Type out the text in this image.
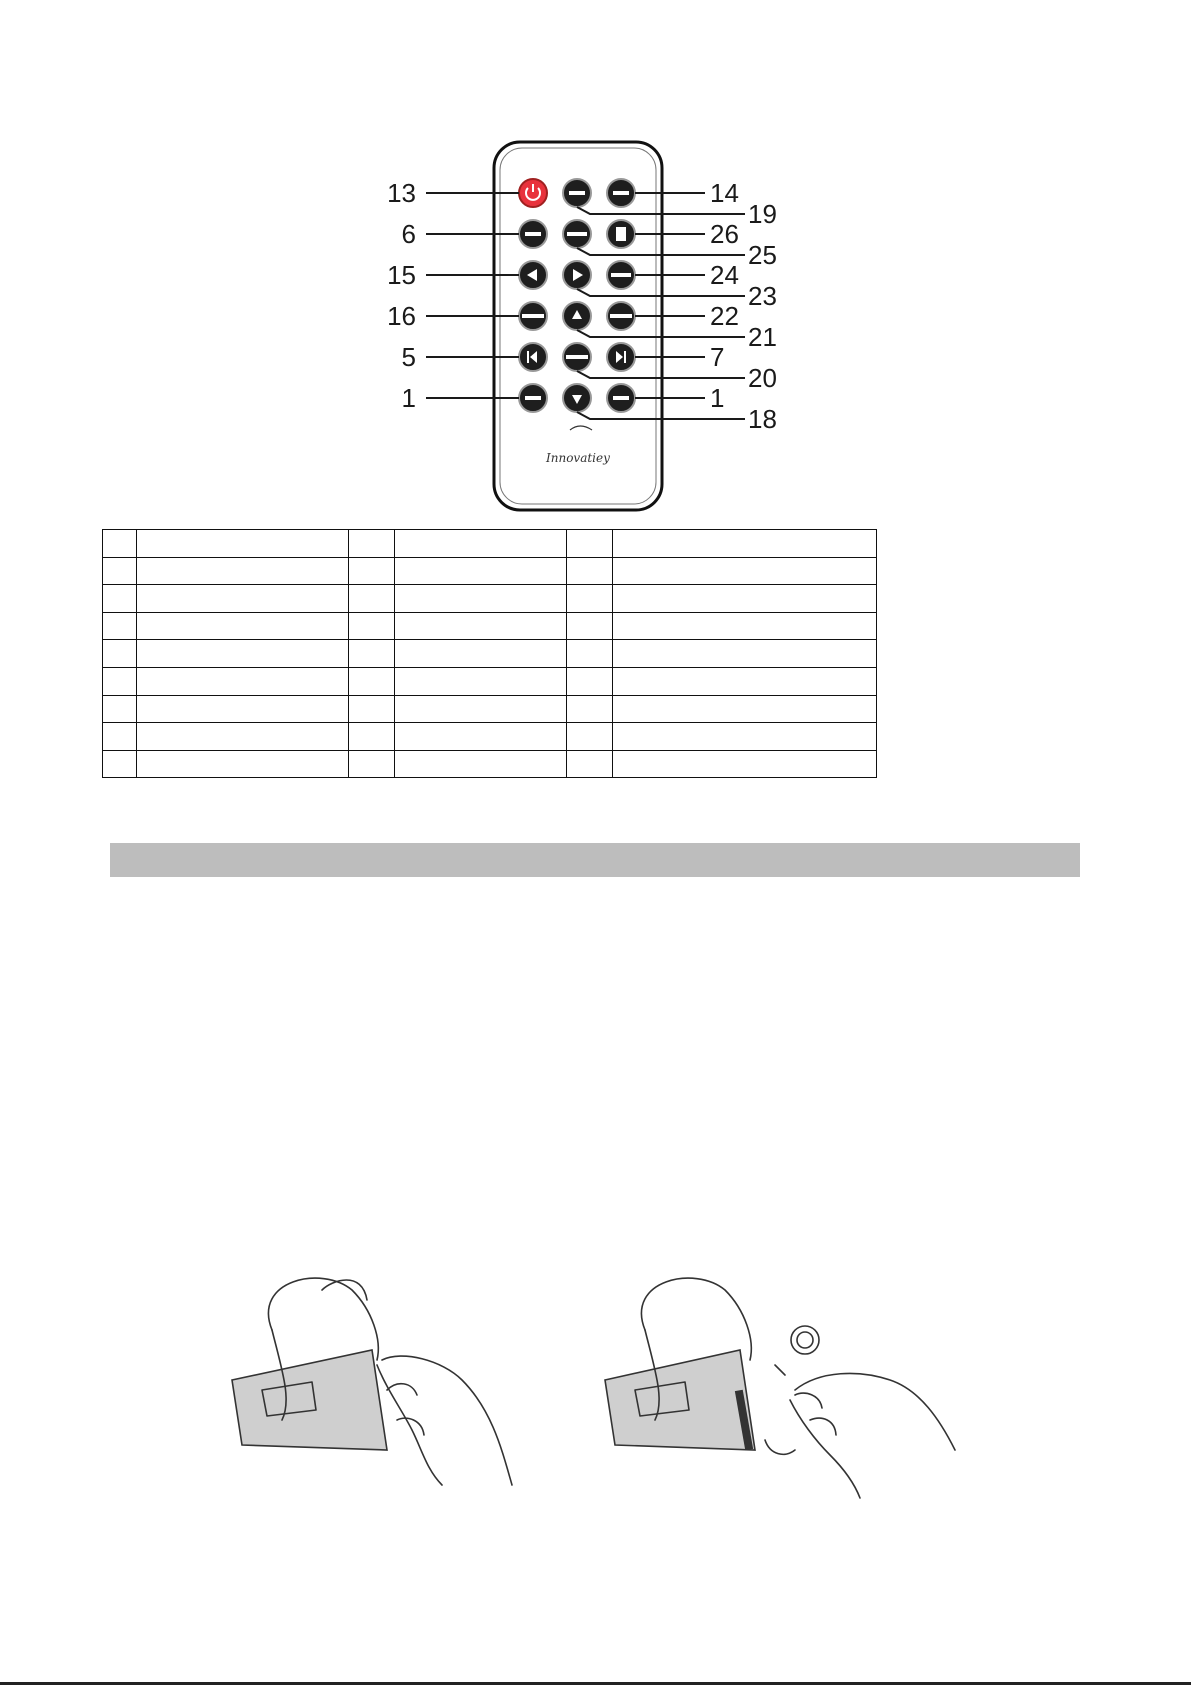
Innovatiey
13
6
15
16
5
1
14
26
24
22
7
1
19
25
23
21
20
18
